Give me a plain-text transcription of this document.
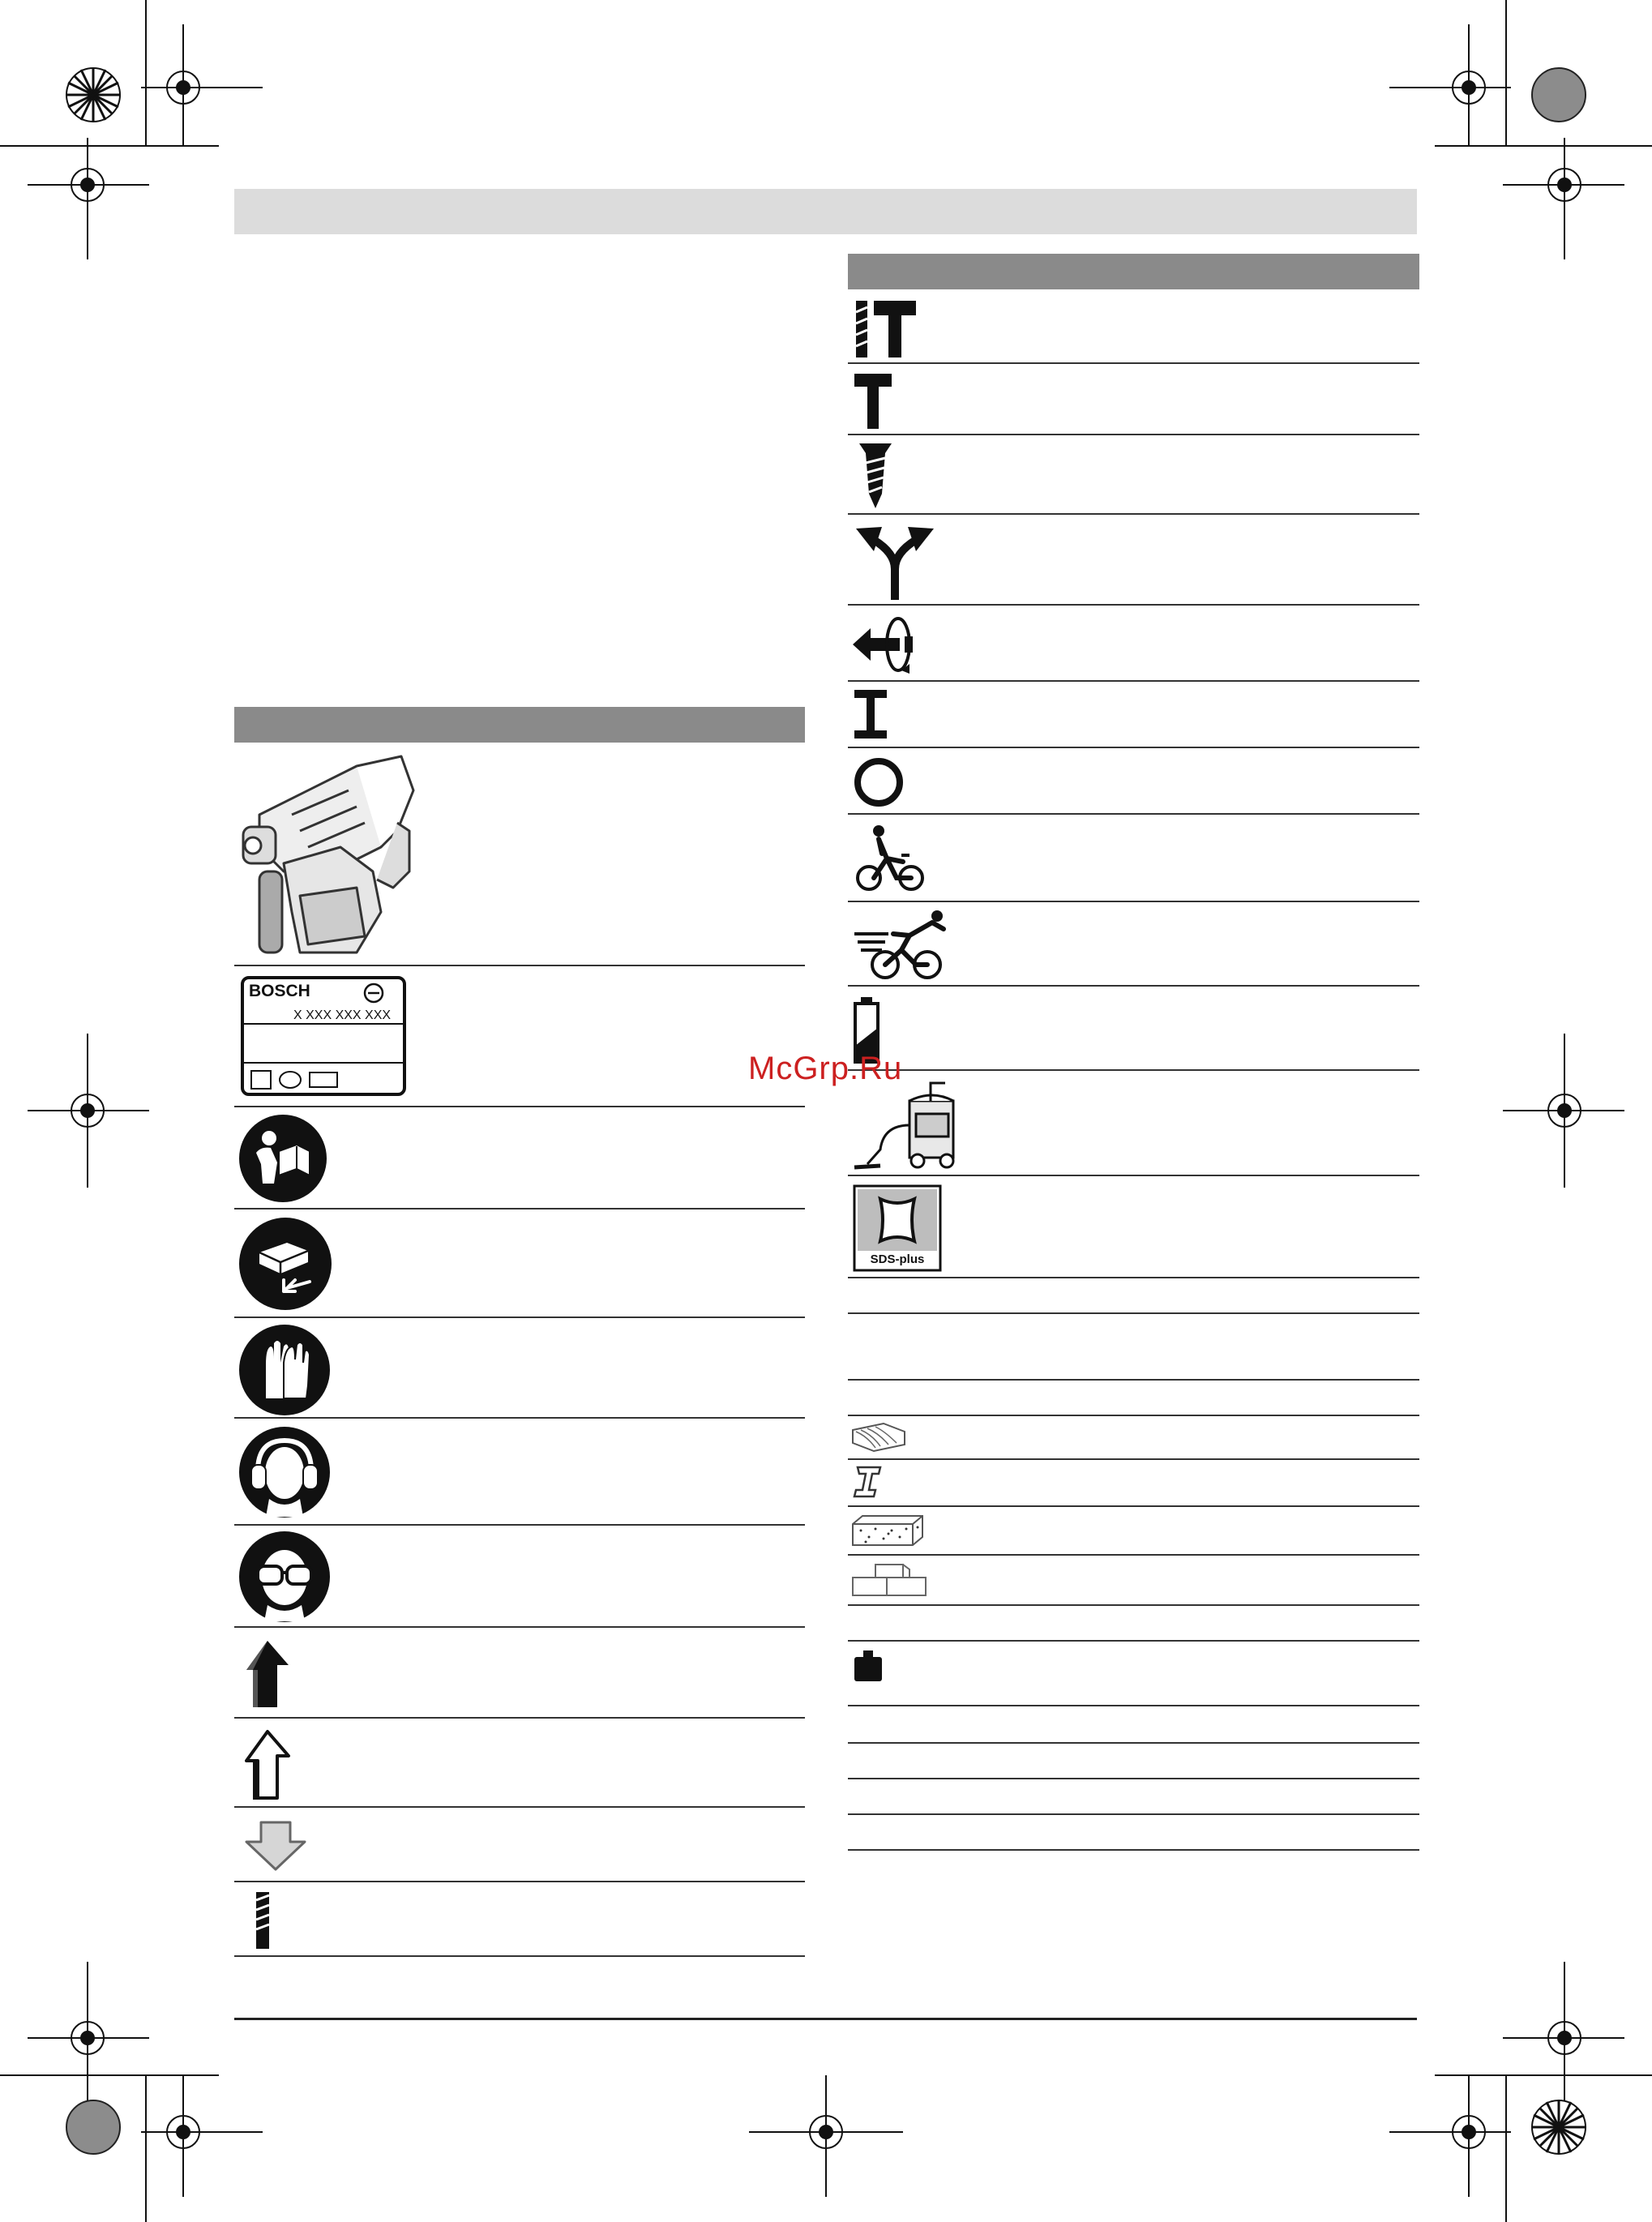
BOSCH
X XXX XXX XXX
SDS-plus
McGrp.Ru
